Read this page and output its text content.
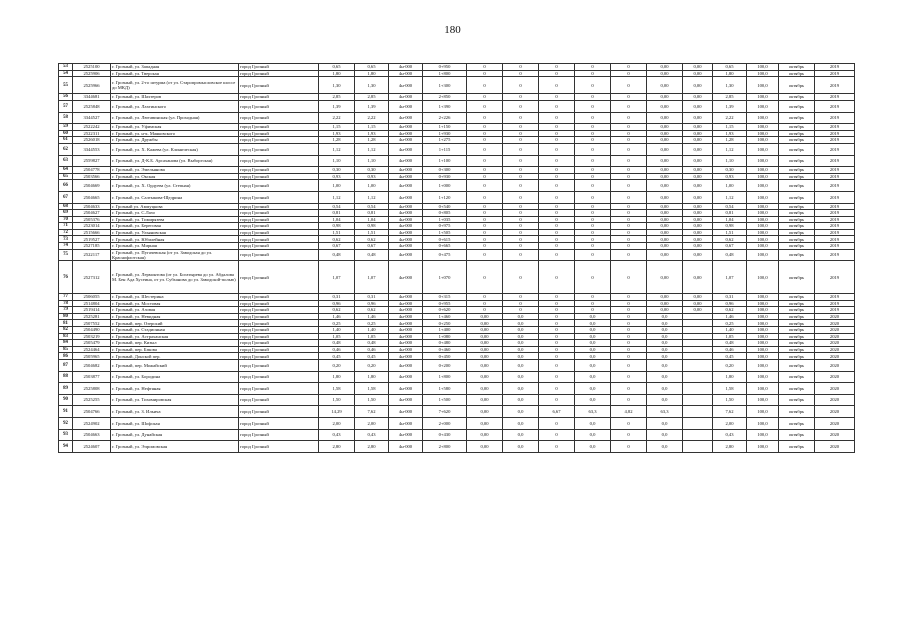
180
53	2525100	г. Грозный, ул. Западная	город Грозный	0,65	0,65	4н-000	0+950	0	0	0	0	0	0,00	0,00	0,65	100,0	октябрь	2019
54	2525906	г. Грозный, ул. Тверская	город Грозный	1,80	1,80	4н-000	1+800	0	0	0	0	0	0,00	0,00	1,80	100,0	октябрь	2019
55	2525966	г. Грозный, ул. 2-го штурма (от ул. Старопромысловское шоссе до МКД)	город Грозный	1,30	1,30	4н-000	1+300	0	0	0	0	0	0,00	0,00	1,30	100,0	октябрь	2019
56	3344681	г. Грозный, ул. Шахтеров	город Грозный	2,85	2,85	4н-000	2+850	0	0	0	0	0	0,00	0,00	2,85	100,0	октябрь	2019
57	2525848	г. Грозный, ул. Лахтинского	город Грозный	1,39	1,39	4н-000	1+390	0	0	0	0	0	0,00	0,00	1,39	100,0	октябрь	2019
58	3344527	г. Грозный, ул. Лютавинская (ул. Проходная)	город Грозный	2,22	2,22	4н-000	2+226	0	0	0	0	0	0,00	0,00	2,22	100,0	октябрь	2019
59	2522242	г. Грозный, ул. Уфимская	город Грозный	1,15	1,15	4н-000	1+150	0	0	0	0	0	0,00	0,00	1,15	100,0	октябрь	2019
60	2522311	г. Грозный, ул. н-к. Маяковского	город Грозный	1,93	1,93	4н-000	1+930	0	0	0	0	0	0,00	0,00	1,93	100,0	октябрь	2019
61	2526018	г. Грозный, ул. Дружбы	город Грозный	1,28	1,28	4н-000	1+275	0	0	0	0	0	0,00	0,00	1,28	100,0	октябрь	2019
62	3344553	г. Грозный, ул. Х. Кажева (ул. Клиническая)	город Грозный	1,12	1,12	4н-000	1+115	0	0	0	0	0	0,00	0,00	1,12	100,0	октябрь	2019
63	2559827	г. Грозный, ул. Д-К.Б. Арсаханова (ул. Выборгская)	город Грозный	1,10	1,10	4н-000	1+100	0	0	0	0	0	0,00	0,00	1,10	100,0	октябрь	2019
64	2504778	г. Грозный, ул. Эмельянова	город Грозный	0,30	0,30	4н-000	0+300	0	0	0	0	0	0,00	0,00	0,30	100,0	октябрь	2019
65	2503566	г. Грозный, ул. Окская	город Грозный	0,93	0,93	4н-000	0+930	0	0	0	0	0	0,00	0,00	0,93	100,0	октябрь	2019
66	2504669	г. Грозный, ул. Х. Ордуева (ул. Степная)	город Грозный	1,00	1,00	4н-000	1+000	0	0	0	0	0	0,00	0,00	1,00	100,0	октябрь	2019
67	2504665	г. Грозный, ул. Салтыкова-Щедрина	город Грозный	1,12	1,12	4н-000	1+120	0	0	0	0	0	0,00	0,00	1,12	100,0	октябрь	2019
68	2504633	г. Грозный ул. Аммуцкова	город Грозный	0,54	0,54	4н-000	0+540	0	0	0	0	0	0,00	0,00	0,54	100,0	октябрь	2019
69	2504627	г. Грозный, ул. С.Лазо	город Грозный	0,81	0,81	4н-000	0+805	0	0	0	0	0	0,00	0,00	0,81	100,0	октябрь	2019
70	2505376	г. Грозный, ул. Тимирязева	город Грозный	1,04	1,04	4н-000	1+035	0	0	0	0	0	0,00	0,00	1,04	100,0	октябрь	2019
71	2523014	г. Грозный, ул. Береговая	город Грозный	0,98	0,98	4н-000	0+975	0	0	0	0	0	0,00	0,00	0,98	100,0	октябрь	2019
72	2515666	г. Грозный, ул. Ульяновская	город Грозный	1,51	1,51	4н-000	1+505	0	0	0	0	0	0,00	0,00	1,51	100,0	октябрь	2019
73	2519527	г. Грозный, ул. Юбилейная	город Грозный	0,62	0,62	4н-000	0+615	0	0	0	0	0	0,00	0,00	0,62	100,0	октябрь	2019
74	2527185	г. Грозный, ул. Мирная	город Грозный	0,67	0,67	4н-000	0+665	0	0	0	0	0	0,00	0,00	0,67	100,0	октябрь	2019
75	2522117	г. Грозный, ул. Пугачевская (от ул. Заводская до ул. Краснофлотская)	город Грозный	0,48	0,48	4н-000	0+475	0	0	0	0	0	0,00	0,00	0,48	100,0	октябрь	2019
76	2527312	г. Грозный, ул. Лермонтова (от ул. Богатырева до ул. Абдалова М. Бен Ада Хусеина, от ул. Субханова до ул. Заводской-полью)	город Грозный	1,07	1,07	4н-000	1+070	0	0	0	0	0	0,00	0,00	1,07	100,0	октябрь	2019
77	2506055	г. Грозный, ул. Шестерина	город Грозный	0,31	0,31	4н-000	0+315	0	0	0	0	0	0,00	0,00	0,31	100,0	октябрь	2019
78	2514804	г. Грозный, ул. Мостовая	город Грозный	0,96	0,96	4н-000	0+955	0	0	0	0	0	0,00	0,00	0,96	100,0	октябрь	2019
79	2519414	г. Грозный, ул. Азовая	город Грозный	0,62	0,62	4н-000	0+620	0	0	0	0	0	0,00	0,00	0,62	100,0	октябрь	2019
80	2525281	г. Грозный, ул. Невидная	город Грозный	1,46	1,46	4н-000	1+460	0,00	0,0	0	0,0	0	0,0		1,46	100,0	октябрь	2020
81	2507552	г. Грозный, пер. Озерский	город Грозный	0,25	0,25	4н-000	0+250	0,00	0,0	0	0,0	0	0,0		0,25	100,0	октябрь	2020
82	2504490	г. Грозный, ул. Стадионная	город Грозный	1,40	1,40	4н-000	1+400	0,00	0,0	0	0,0	0	0,0		1,40	100,0	октябрь	2020
83	2503219	г. Грозный, ул. Астраханская	город Грозный	1,05	1,05	4н-000	1+080	0,00	0,0	0	0,0	0	0,0		1,05	100,0	октябрь	2020
84	2505479	г. Грозный, пер. Кизыл	город Грозный	0,48	0,48	4н-000	0+480	0,00	0,0	0	0,0	0	0,0		0,48	100,0	октябрь	2020
85	2524464	г. Грозный, пер. Бэкова	город Грозный	0,46	0,46	4н-000	0+460	0,00	0,0	0	0,0	0	0,0		0,46	100,0	октябрь	2020
86	2505965	г. Грозный, Донской пер.	город Грозный	0,45	0,45	4н-000	0+450	0,00	0,0	0	0,0	0	0,0		0,45	100,0	октябрь	2020
87	2504682	г. Грозный, пер. Можайский	город Грозный	0,20	0,20	4н-000	0+200	0,00	0,0	0	0,0	0	0,0		0,20	100,0	октябрь	2020
88	2503877	г. Грозный, ул. Бородина	город Грозный	1,80	1,80	4н-000	1+800	0,00	0,0	0	0,0	0	0,0		1,80	100,0	октябрь	2020
89	2525808	г. Грозный, ул. Нефтяная	город Грозный	1,58	1,58	4н-000	1+580	0,00	0,0	0	0,0	0	0,0		1,58	100,0	октябрь	2020
90	2525255	г. Грозный, ул. Тихомировская	город Грозный	1,50	1,50	4н-000	1+500	0,00	0,0	0	0,0	0	0,0		1,50	100,0	октябрь	2020
91	2504766	г. Грозный, ул. З. Ильича	город Грозный	14,29	7,62	4н-000	7+620	0,00	0,0	6,67	63,3	4,82	63,3		7,62	100,0	октябрь	2020
92	2524902	г. Грозный, ул. Шофская	город Грозный	2,00	2,00	4н-000	2+000	0,00	0,0	0	0,0	0	0,0		2,00	100,0	октябрь	2020
93	2504663	г. Грозный, ул. Дунайская	город Грозный	0,43	0,43	4н-000	0+430	0,00	0,0	0	0,0	0	0,0		0,43	100,0	октябрь	2020
94	2524607	г. Грозный, ул. Эпромовская	город Грозный	2,80	2,80	4н-000	2+800	0,00	0,0	0	0,0	0	0,0		2,80	100,0	октябрь	2020
